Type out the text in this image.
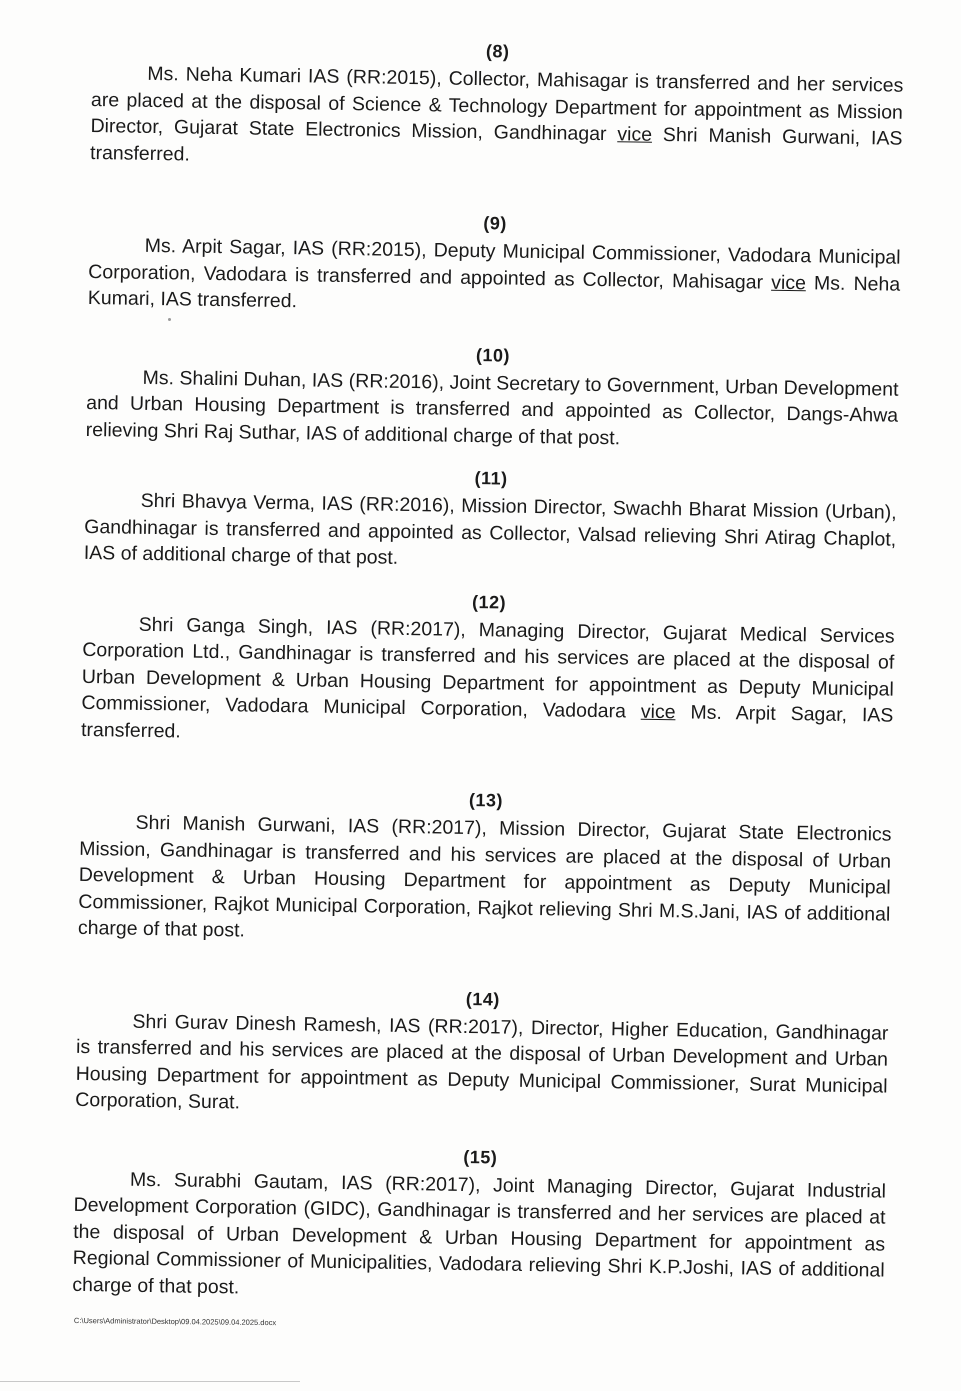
(8)

Ms. Neha Kumari IAS (RR:2015), Collector, Mahisagar is transferred and her services are placed at the disposal of Science & Technology Department for appointment as Mission Director, Gujarat State Electronics Mission, Gandhinagar vice Shri Manish Gurwani, IAS transferred.

(9)

Ms. Arpit Sagar, IAS (RR:2015), Deputy Municipal Commissioner, Vadodara Municipal Corporation, Vadodara is transferred and appointed as Collector, Mahisagar vice Ms. Neha Kumari, IAS transferred.

(10)

Ms. Shalini Duhan, IAS (RR:2016), Joint Secretary to Government, Urban Development and Urban Housing Department is transferred and appointed as Collector, Dangs-Ahwa relieving Shri Raj Suthar, IAS of additional charge of that post.

(11)

Shri Bhavya Verma, IAS (RR:2016), Mission Director, Swachh Bharat Mission (Urban), Gandhinagar is transferred and appointed as Collector, Valsad relieving Shri Atirag Chaplot, IAS of additional charge of that post.

(12)

Shri Ganga Singh, IAS (RR:2017), Managing Director, Gujarat Medical Services Corporation Ltd., Gandhinagar is transferred and his services are placed at the disposal of Urban Development & Urban Housing Department for appointment as Deputy Municipal Commissioner, Vadodara Municipal Corporation, Vadodara vice Ms. Arpit Sagar, IAS transferred.

(13)

Shri Manish Gurwani, IAS (RR:2017), Mission Director, Gujarat State Electronics Mission, Gandhinagar is transferred and his services are placed at the disposal of Urban Development & Urban Housing Department for appointment as Deputy Municipal Commissioner, Rajkot Municipal Corporation, Rajkot relieving Shri M.S.Jani, IAS of additional charge of that post.

(14)

Shri Gurav Dinesh Ramesh, IAS (RR:2017), Director, Higher Education, Gandhinagar is transferred and his services are placed at the disposal of Urban Development and Urban Housing Department for appointment as Deputy Municipal Commissioner, Surat Municipal Corporation, Surat.

(15)

Ms. Surabhi Gautam, IAS (RR:2017), Joint Managing Director, Gujarat Industrial Development Corporation (GIDC), Gandhinagar is transferred and her services are placed at the disposal of Urban Development & Urban Housing Department for appointment as Regional Commissioner of Municipalities, Vadodara relieving Shri K.P.Joshi, IAS of additional charge of that post.

C:\Users\Administrator\Desktop\09.04.2025\09.04.2025.docx
